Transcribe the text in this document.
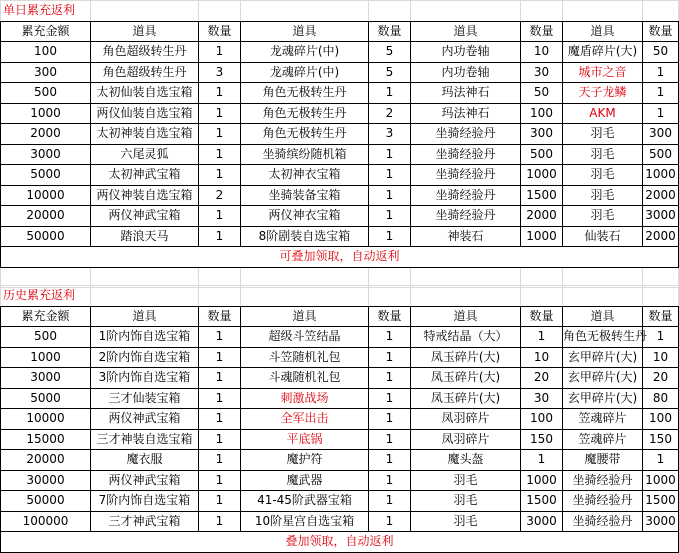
单日累充返利								
累充金额	道具	数量	道具	数量	道具	数量	道具	数量
100	角色超级转生丹	1	龙魂碎片(中)	5	内功卷轴	10	魔盾碎片(大)	50
300	角色超级转生丹	3	龙魂碎片(中)	5	内功卷轴	30	城市之音	1
500	太初仙装自选宝箱	1	角色无极转生丹	1	玛法神石	50	天子龙鳞	1
1000	两仪仙装自选宝箱	1	角色无极转生丹	2	玛法神石	100	AKM	1
2000	太初神装自选宝箱	1	角色无极转生丹	3	坐骑经验丹	300	羽毛	300
3000	六尾灵狐	1	坐骑缤纷随机箱	1	坐骑经验丹	500	羽毛	500
5000	太初神武宝箱	1	太初神衣宝箱	1	坐骑经验丹	1000	羽毛	1000
10000	两仪神装自选宝箱	2	坐骑装备宝箱	1	坐骑经验丹	1500	羽毛	2000
20000	两仪神武宝箱	1	两仪神衣宝箱	1	坐骑经验丹	2000	羽毛	3000
50000	踏浪天马	1	8阶剧装自选宝箱	1	神装石	1000	仙装石	2000
可叠加领取，自动返利								

历史累充返利								
累充金额	道具	数量	道具	数量	道具	数量	道具	数量
500	1阶内饰自选宝箱	1	超级斗笠结晶	1	特戒结晶（大）	1	角色无极转生丹	1
1000	2阶内饰自选宝箱	1	斗笠随机礼包	1	凤玉碎片(大)	10	玄甲碎片(大)	10
3000	3阶内饰自选宝箱	1	斗魂随机礼包	1	凤玉碎片(大)	20	玄甲碎片(大)	20
5000	三才仙装宝箱	1	刺激战场	1	凤玉碎片(大)	30	玄甲碎片(大)	80
10000	两仪神武宝箱	1	全军出击	1	凤羽碎片	100	笠魂碎片	100
15000	三才神装自选宝箱	1	平底锅	1	凤羽碎片	150	笠魂碎片	150
20000	魔衣服	1	魔护符	1	魔头盔	1	魔腰带	1
30000	两仪神武宝箱	1	魔武器	1	羽毛	1000	坐骑经验丹	1000
50000	7阶内饰自选宝箱	1	41-45阶武器宝箱	1	羽毛	1500	坐骑经验丹	1500
100000	三才神武宝箱	1	10阶星宫自选宝箱	1	羽毛	3000	坐骑经验丹	3000
叠加领取，自动返利								
